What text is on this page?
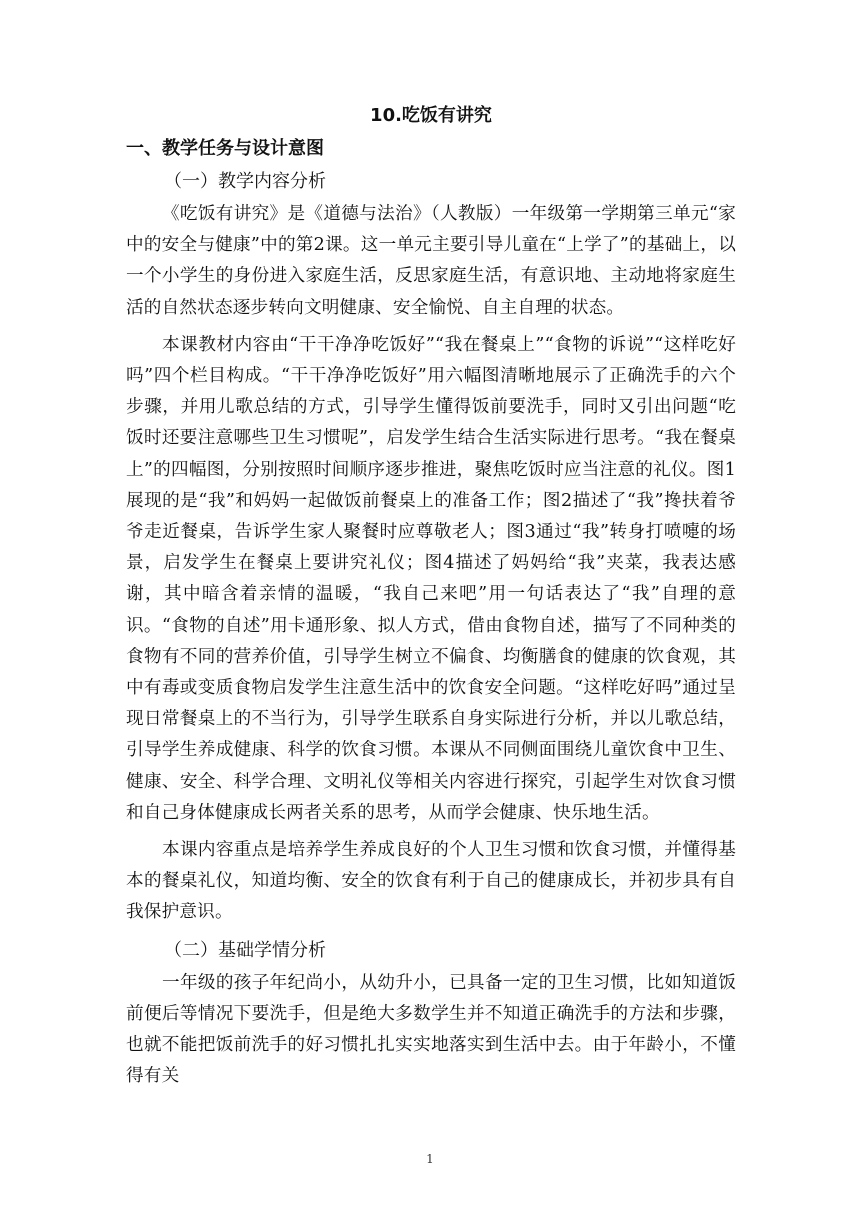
10.吃饭有讲究
一、教学任务与设计意图
（一）教学内容分析

《吃饭有讲究》是《道德与法治》（人教版）一年级第一学期第三单元“家中的安全与健康”中的第2课。这一单元主要引导儿童在“上学了”的基础上，以一个小学生的身份进入家庭生活，反思家庭生活，有意识地、主动地将家庭生活的自然状态逐步转向文明健康、安全愉悦、自主自理的状态。

本课教材内容由“干干净净吃饭好”“我在餐桌上”“食物的诉说”“这样吃好吗”四个栏目构成。“干干净净吃饭好”用六幅图清晰地展示了正确洗手的六个步骤，并用儿歌总结的方式，引导学生懂得饭前要洗手，同时又引出问题“吃饭时还要注意哪些卫生习惯呢”，启发学生结合生活实际进行思考。“我在餐桌上”的四幅图，分别按照时间顺序逐步推进，聚焦吃饭时应当注意的礼仪。图1展现的是“我”和妈妈一起做饭前餐桌上的准备工作；图2描述了“我”搀扶着爷爷走近餐桌，告诉学生家人聚餐时应尊敬老人；图3通过“我”转身打喷嚏的场景，启发学生在餐桌上要讲究礼仪；图4描述了妈妈给“我”夹菜，我表达感谢，其中暗含着亲情的温暖，“我自己来吧”用一句话表达了“我”自理的意识。“食物的自述”用卡通形象、拟人方式，借由食物自述，描写了不同种类的食物有不同的营养价值，引导学生树立不偏食、均衡膳食的健康的饮食观，其中有毒或变质食物启发学生注意生活中的饮食安全问题。“这样吃好吗”通过呈现日常餐桌上的不当行为，引导学生联系自身实际进行分析，并以儿歌总结，引导学生养成健康、科学的饮食习惯。本课从不同侧面围绕儿童饮食中卫生、健康、安全、科学合理、文明礼仪等相关内容进行探究，引起学生对饮食习惯和自己身体健康成长两者关系的思考，从而学会健康、快乐地生活。

本课内容重点是培养学生养成良好的个人卫生习惯和饮食习惯，并懂得基本的餐桌礼仪，知道均衡、安全的饮食有利于自己的健康成长，并初步具有自我保护意识。

（二）基础学情分析

一年级的孩子年纪尚小，从幼升小，已具备一定的卫生习惯，比如知道饭前便后等情况下要洗手，但是绝大多数学生并不知道正确洗手的方法和步骤，也就不能把饭前洗手的好习惯扎扎实实地落实到生活中去。由于年龄小，不懂得有关

1
